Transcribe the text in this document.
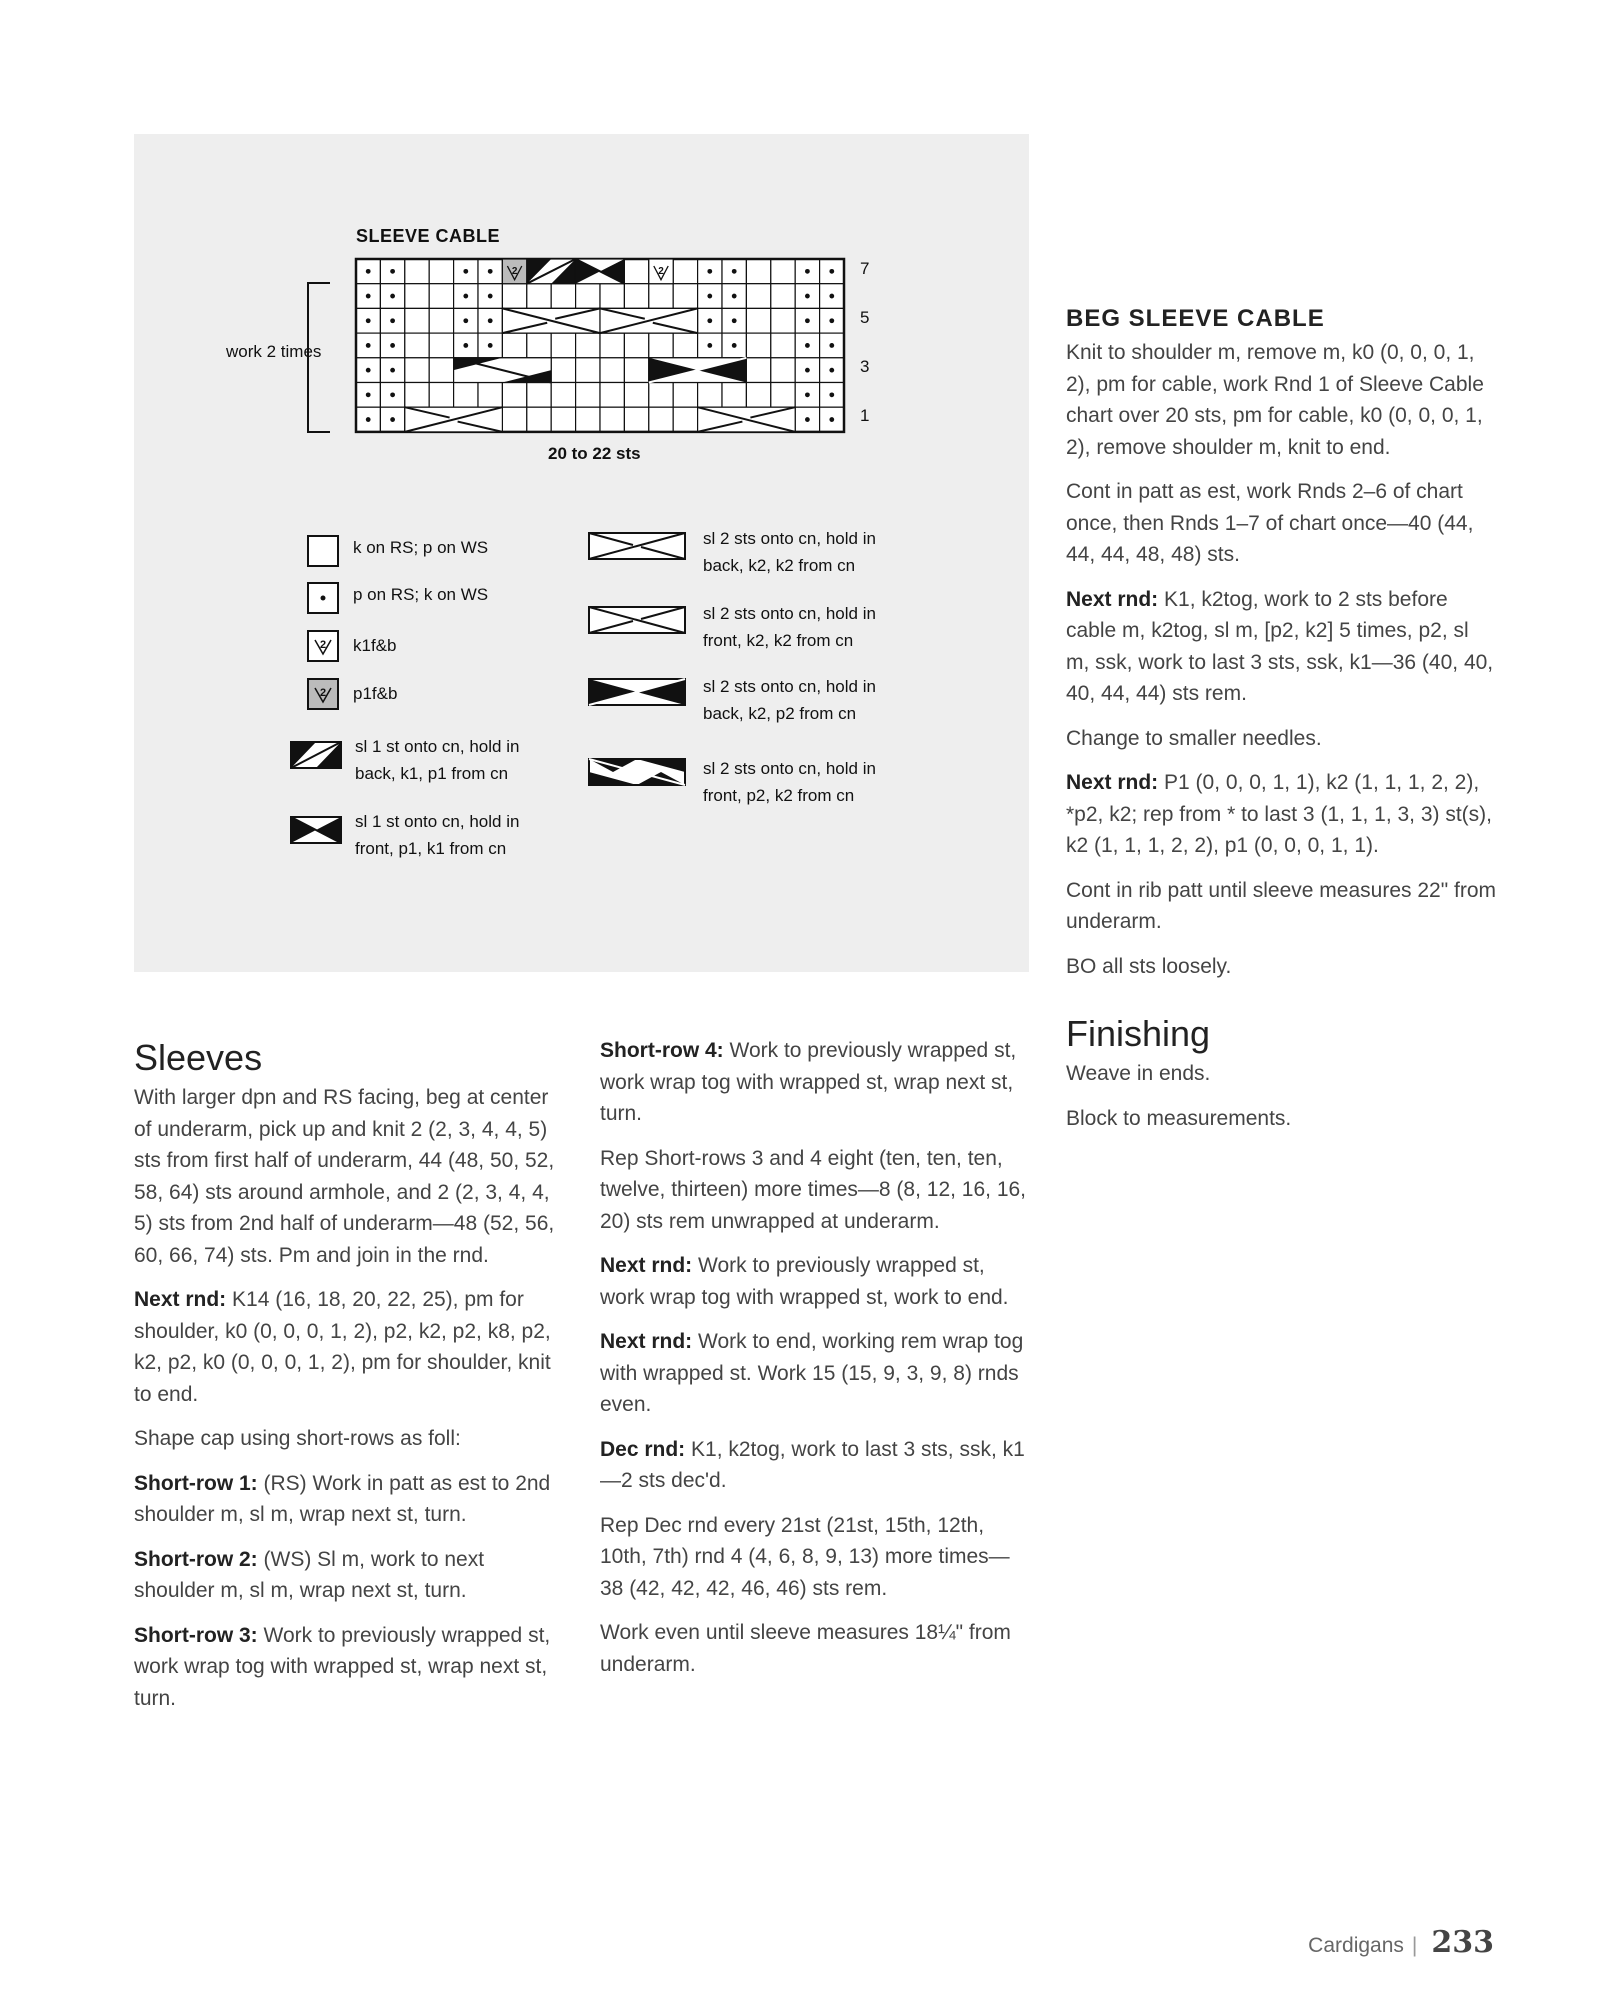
2	2
SLEEVE CABLE
7
5
3
1
work 2 times
20 to 22 sts
2
2
k on RS; p on WS
p on RS; k on WS
k1f&b
p1f&b
sl 1 st onto cn, hold in back, k1, p1 from cn
sl 1 st onto cn, hold in front, p1, k1 from cn
sl 2 sts onto cn, hold in back, k2, k2 from cn
sl 2 sts onto cn, hold in front, k2, k2 from cn
sl 2 sts onto cn, hold in back, k2, p2 from cn
sl 2 sts onto cn, hold in front, p2, k2 from cn
Sleeves

With larger dpn and RS facing, beg at center of underarm, pick up and knit 2 (2, 3, 4, 4, 5) sts from first half of underarm, 44 (48, 50, 52, 58, 64) sts around armhole, and 2 (2, 3, 4, 4, 5) sts from 2nd half of underarm—48 (52, 56, 60, 66, 74) sts. Pm and join in the rnd.

Next rnd: K14 (16, 18, 20, 22, 25), pm for shoulder, k0 (0, 0, 0, 1, 2), p2, k2, p2, k8, p2, k2, p2, k0 (0, 0, 0, 1, 2), pm for shoulder, knit to end.

Shape cap using short-rows as foll:

Short-row 1: (RS) Work in patt as est to 2nd shoulder m, sl m, wrap next st, turn.

Short-row 2: (WS) Sl m, work to next shoulder m, sl m, wrap next st, turn.

Short-row 3: Work to previously wrapped st, work wrap tog with wrapped st, wrap next st, turn.

Short-row 4: Work to previously wrapped st, work wrap tog with wrapped st, wrap next st, turn.

Rep Short-rows 3 and 4 eight (ten, ten, ten, twelve, thirteen) more times—8 (8, 12, 16, 16, 20) sts rem unwrapped at underarm.

Next rnd: Work to previously wrapped st, work wrap tog with wrapped st, work to end.

Next rnd: Work to end, working rem wrap tog with wrapped st. Work 15 (15, 9, 3, 9, 8) rnds even.

Dec rnd: K1, k2tog, work to last 3 sts, ssk, k1—2 sts dec'd.

Rep Dec rnd every 21st (21st, 15th, 12th, 10th, 7th) rnd 4 (4, 6, 8, 9, 13) more times—38 (42, 42, 42, 46, 46) sts rem.

Work even until sleeve measures 18¼" from underarm.

BEG SLEEVE CABLE

Knit to shoulder m, remove m, k0 (0, 0, 0, 1, 2), pm for cable, work Rnd 1 of Sleeve Cable chart over 20 sts, pm for cable, k0 (0, 0, 0, 1, 2), remove shoulder m, knit to end.

Cont in patt as est, work Rnds 2–6 of chart once, then Rnds 1–7 of chart once—40 (44, 44, 44, 48, 48) sts.

Next rnd: K1, k2tog, work to 2 sts before cable m, k2tog, sl m, [p2, k2] 5 times, p2, sl m, ssk, work to last 3 sts, ssk, k1—36 (40, 40, 40, 44, 44) sts rem.

Change to smaller needles.

Next rnd: P1 (0, 0, 0, 1, 1), k2 (1, 1, 1, 2, 2), *p2, k2; rep from * to last 3 (1, 1, 1, 3, 3) st(s), k2 (1, 1, 1, 2, 2), p1 (0, 0, 0, 1, 1).

Cont in rib patt until sleeve measures 22" from underarm.

BO all sts loosely.

Finishing

Weave in ends.

Block to measurements.

Cardigans | 233
